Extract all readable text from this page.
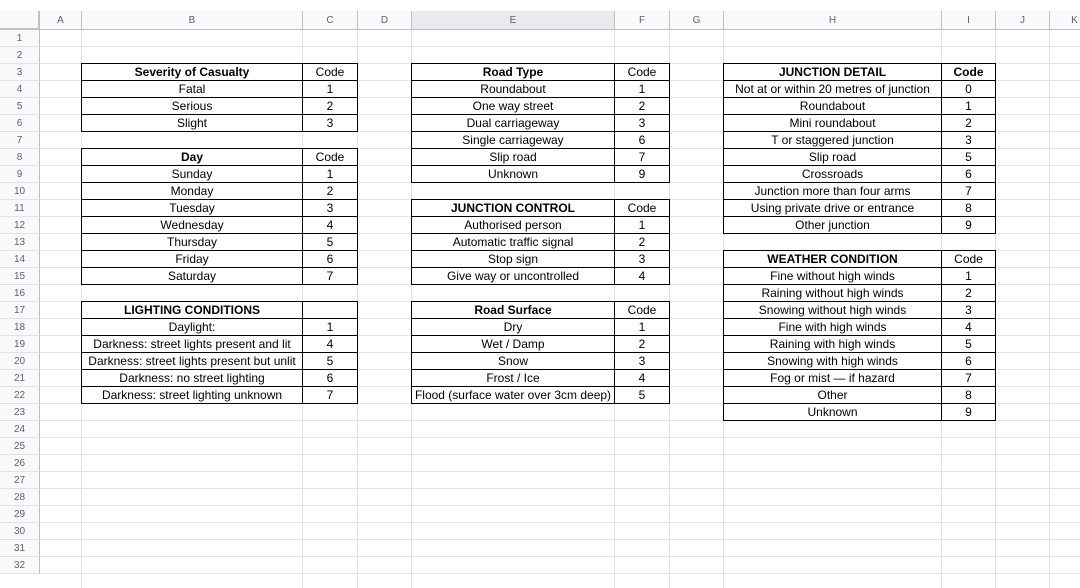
A	B	C	D	E	F	G	H	I	J	K
1
2
3
4
5
6
7
8
9
10
11
12
13
14
15
16
17
18
19
20
21
22
23
24
25
26
27
28
29
30
31
32
Severity of Casualty	Code
Fatal	1
Serious	2
Slight	3
Day	Code
Sunday	1
Monday	2
Tuesday	3
Wednesday	4
Thursday	5
Friday	6
Saturday	7
LIGHTING CONDITIONS
Daylight:	1
Darkness: street lights present and lit	4
Darkness: street lights present but unlit	5
Darkness: no street lighting	6
Darkness: street lighting unknown	7
Road Type	Code
Roundabout	1
One way street	2
Dual carriageway	3
Single carriageway	6
Slip road	7
Unknown	9
JUNCTION CONTROL	Code
Authorised person	1
Automatic traffic signal	2
Stop sign	3
Give way or uncontrolled	4
Road Surface	Code
Dry	1
Wet / Damp	2
Snow	3
Frost / Ice	4
Flood (surface water over 3cm deep)	5
JUNCTION DETAIL	Code
Not at or within 20 metres of junction	0
Roundabout	1
Mini roundabout	2
T or staggered junction	3
Slip road	5
Crossroads	6
Junction more than four arms	7
Using private drive or entrance	8
Other junction	9
WEATHER CONDITION	Code
Fine without high winds	1
Raining without high winds	2
Snowing without high winds	3
Fine with high winds	4
Raining with high winds	5
Snowing with high winds	6
Fog or mist — if hazard	7
Other	8
Unknown	9
